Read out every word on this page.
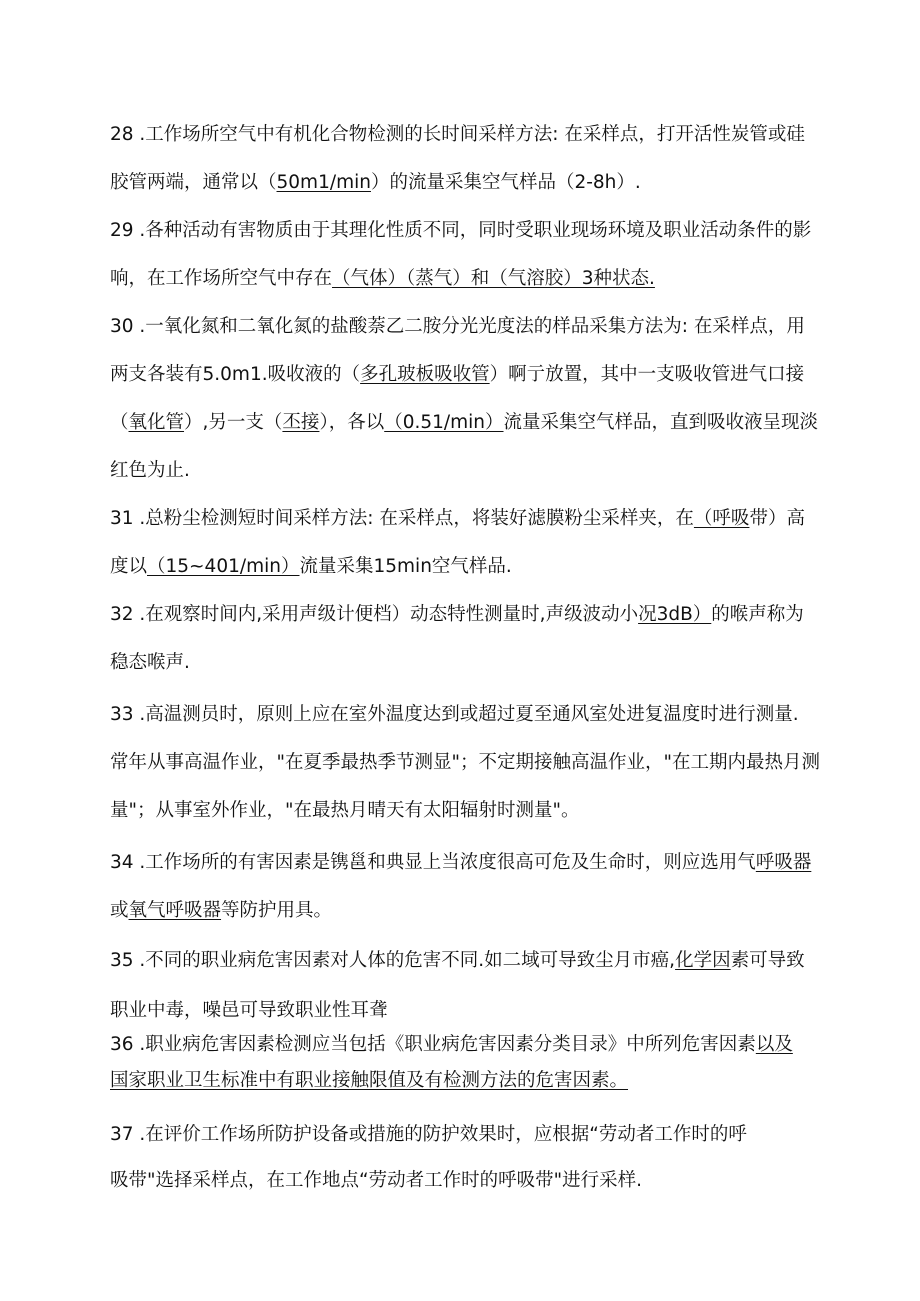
28 .工作场所空气中有机化合物检测的长时间采样方法: 在采样点，打开活性炭管或硅
胶管两端，通常以（50m1/min）的流量采集空气样品（2-8h）.
29 .各种活动有害物质由于其理化性质不同，同时受职业现场环境及职业活动条件的影
响，在工作场所空气中存在（气体）（蒸气）和（气溶胶）3种状态.
30 .一氧化氮和二氧化氮的盐酸萘乙二胺分光光度法的样品采集方法为: 在采样点，用
两支各装有5.0m1.吸收液的（多孔玻板吸收管）啊亍放置，其中一支吸收管进气口接
（氧化管）,另一支（丕接），各以（0.51/min）流量采集空气样品，直到吸收液呈现淡
红色为止.
31 .总粉尘检测短时间采样方法: 在采样点，将装好滤膜粉尘采样夹，在（呼吸带）高
度以（15~401/min）流量采集15min空气样品.
32 .在观察时间内,采用声级计便档）动态特性测量时,声级波动小况3dB）的喉声称为
稳态喉声.
33 .高温测员时，原则上应在室外温度达到或超过夏至通风室处进复温度时进行测量.
常年从事高温作业，"在夏季最热季节测显"；不定期接触高温作业，"在工期内最热月测
量"；从事室外作业，"在最热月晴天有太阳辐射时测量"。
34 .工作场所的有害因素是镌邕和典显上当浓度很高可危及生命时，则应选用气呼吸器
或氧气呼吸器等防护用具。
35 .不同的职业病危害因素对人体的危害不同.如二域可导致尘月市癌,化学因素可导致
职业中毒，噪邑可导致职业性耳聋
36 .职业病危害因素检测应当包括《职业病危害因素分类目录》中所列危害因素以及
国家职业卫生标准中有职业接触限值及有检测方法的危害因素。
37 .在评价工作场所防护设备或措施的防护效果时，应根据“劳动者工作时的呼
吸带"选择采样点，在工作地点“劳动者工作时的呼吸带"进行采样.
